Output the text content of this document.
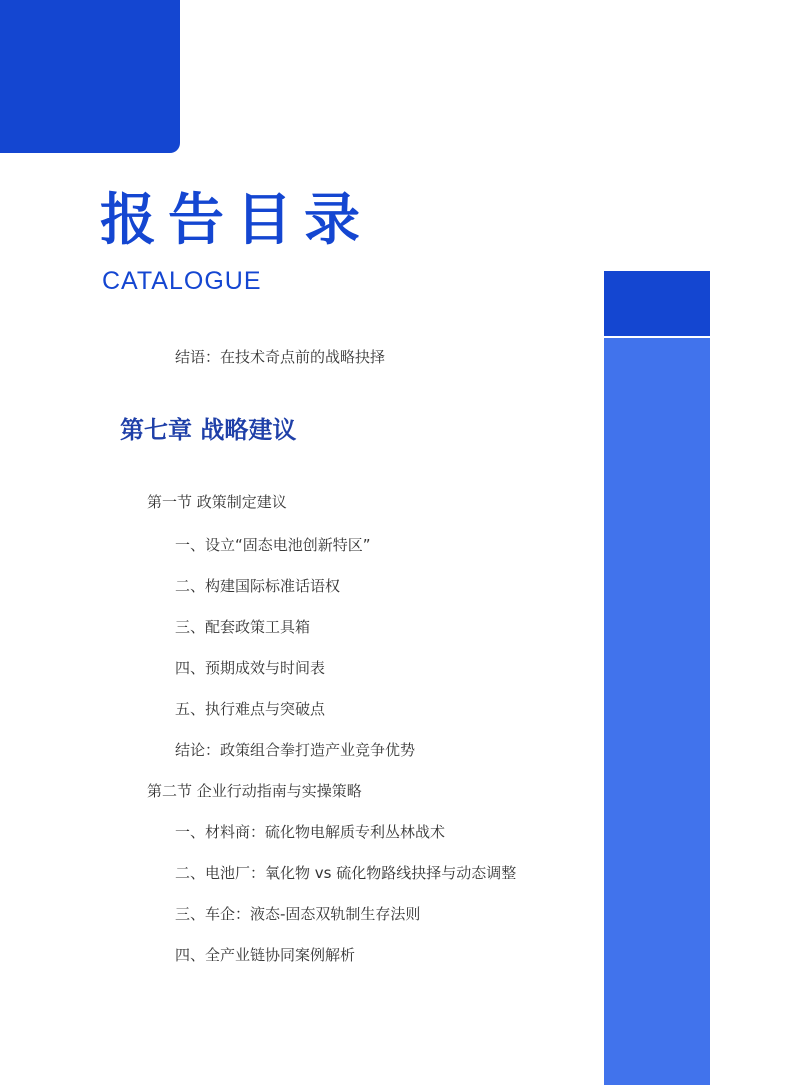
报告目录
CATALOGUE
结语：在技术奇点前的战略抉择
第七章 战略建议
第一节 政策制定建议
一、设立“固态电池创新特区”
二、构建国际标准话语权
三、配套政策工具箱
四、预期成效与时间表
五、执行难点与突破点
结论：政策组合拳打造产业竞争优势
第二节 企业行动指南与实操策略
一、材料商：硫化物电解质专利丛林战术
二、电池厂：氧化物 vs 硫化物路线抉择与动态调整
三、车企：液态-固态双轨制生存法则
四、全产业链协同案例解析
